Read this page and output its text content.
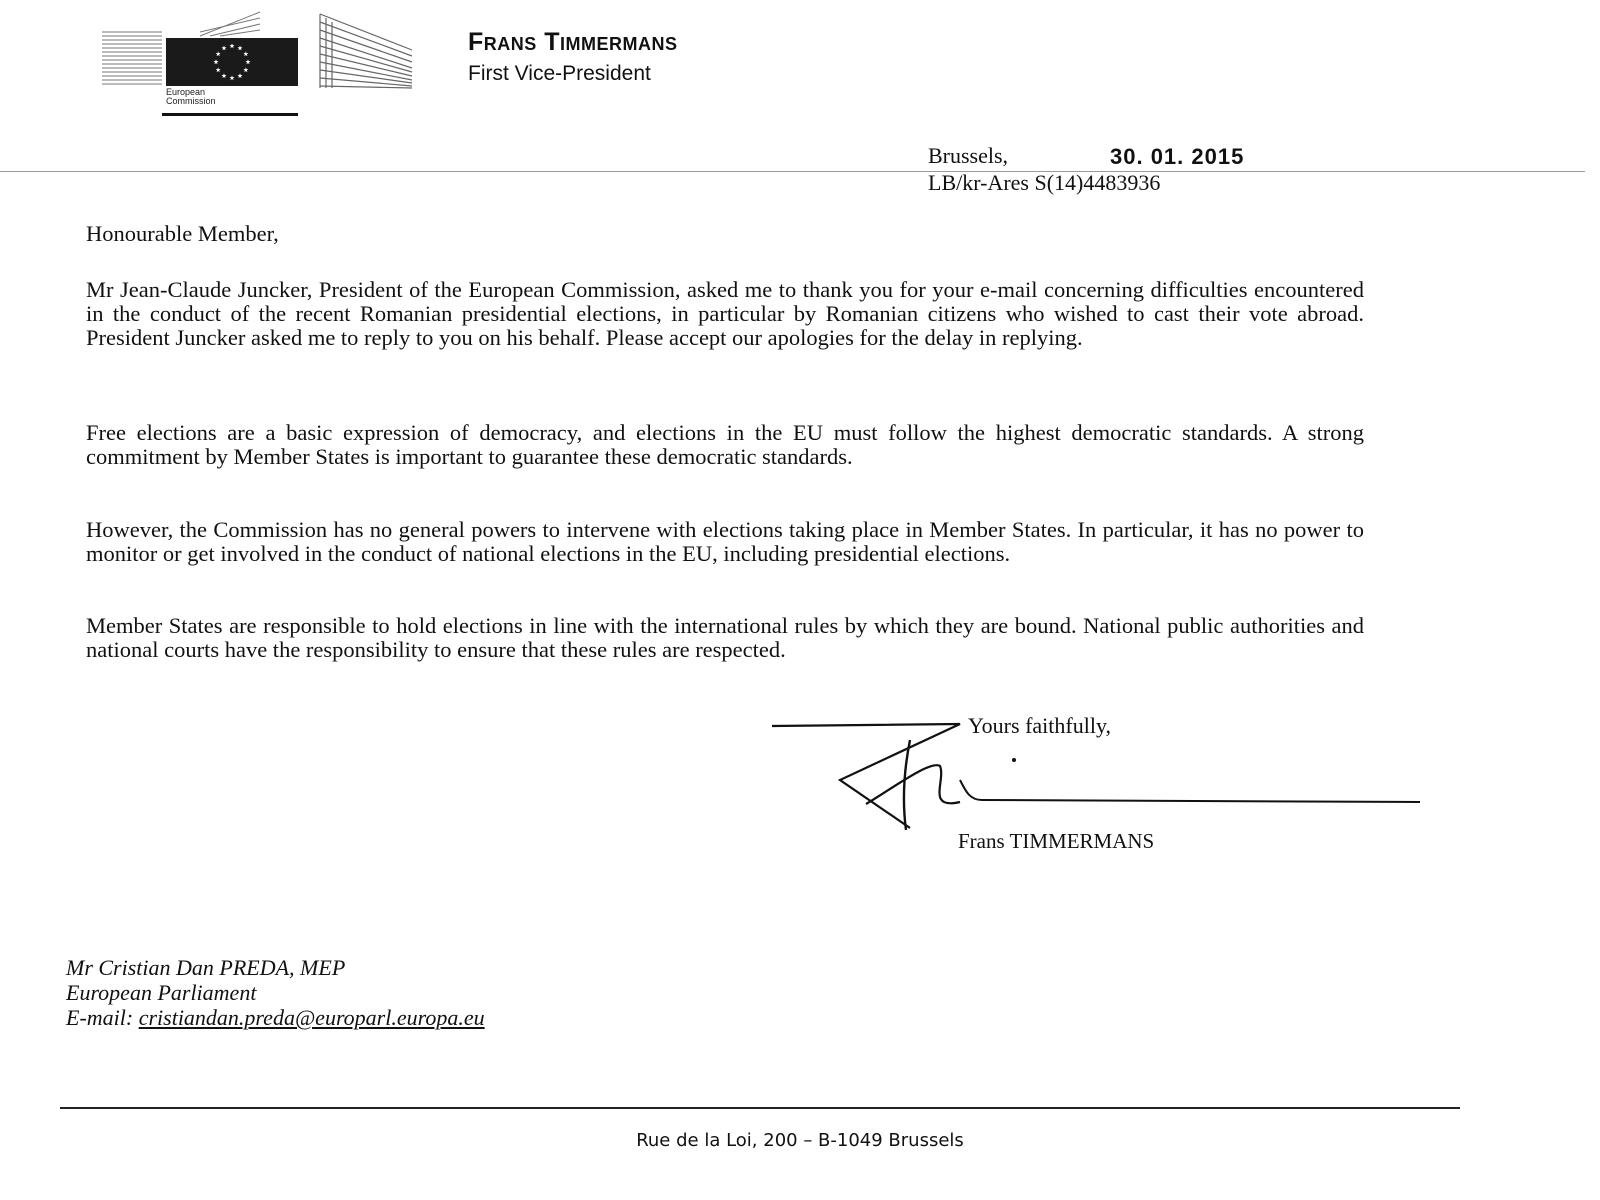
European
Commission
Frans Timmermans
First Vice-President
Brussels,	30. 01. 2015
LB/kr-Ares S(14)4483936

Honourable Member,

Mr Jean-Claude Juncker, President of the European Commission, asked me to thank you for your e-mail concerning difficulties encountered in the conduct of the recent Romanian presidential elections, in particular by Romanian citizens who wished to cast their vote abroad. President Juncker asked me to reply to you on his behalf. Please accept our apologies for the delay in replying.

Free elections are a basic expression of democracy, and elections in the EU must follow the highest democratic standards. A strong commitment by Member States is important to guarantee these democratic standards.

However, the Commission has no general powers to intervene with elections taking place in Member States. In particular, it has no power to monitor or get involved in the conduct of national elections in the EU, including presidential elections.

Member States are responsible to hold elections in line with the international rules by which they are bound. National public authorities and national courts have the responsibility to ensure that these rules are respected.

Yours faithfully,
Frans TIMMERMANS
Mr Cristian Dan PREDA, MEP
European Parliament
E-mail: cristiandan.preda@europarl.europa.eu
Rue de la Loi, 200 – B-1049 Brussels
